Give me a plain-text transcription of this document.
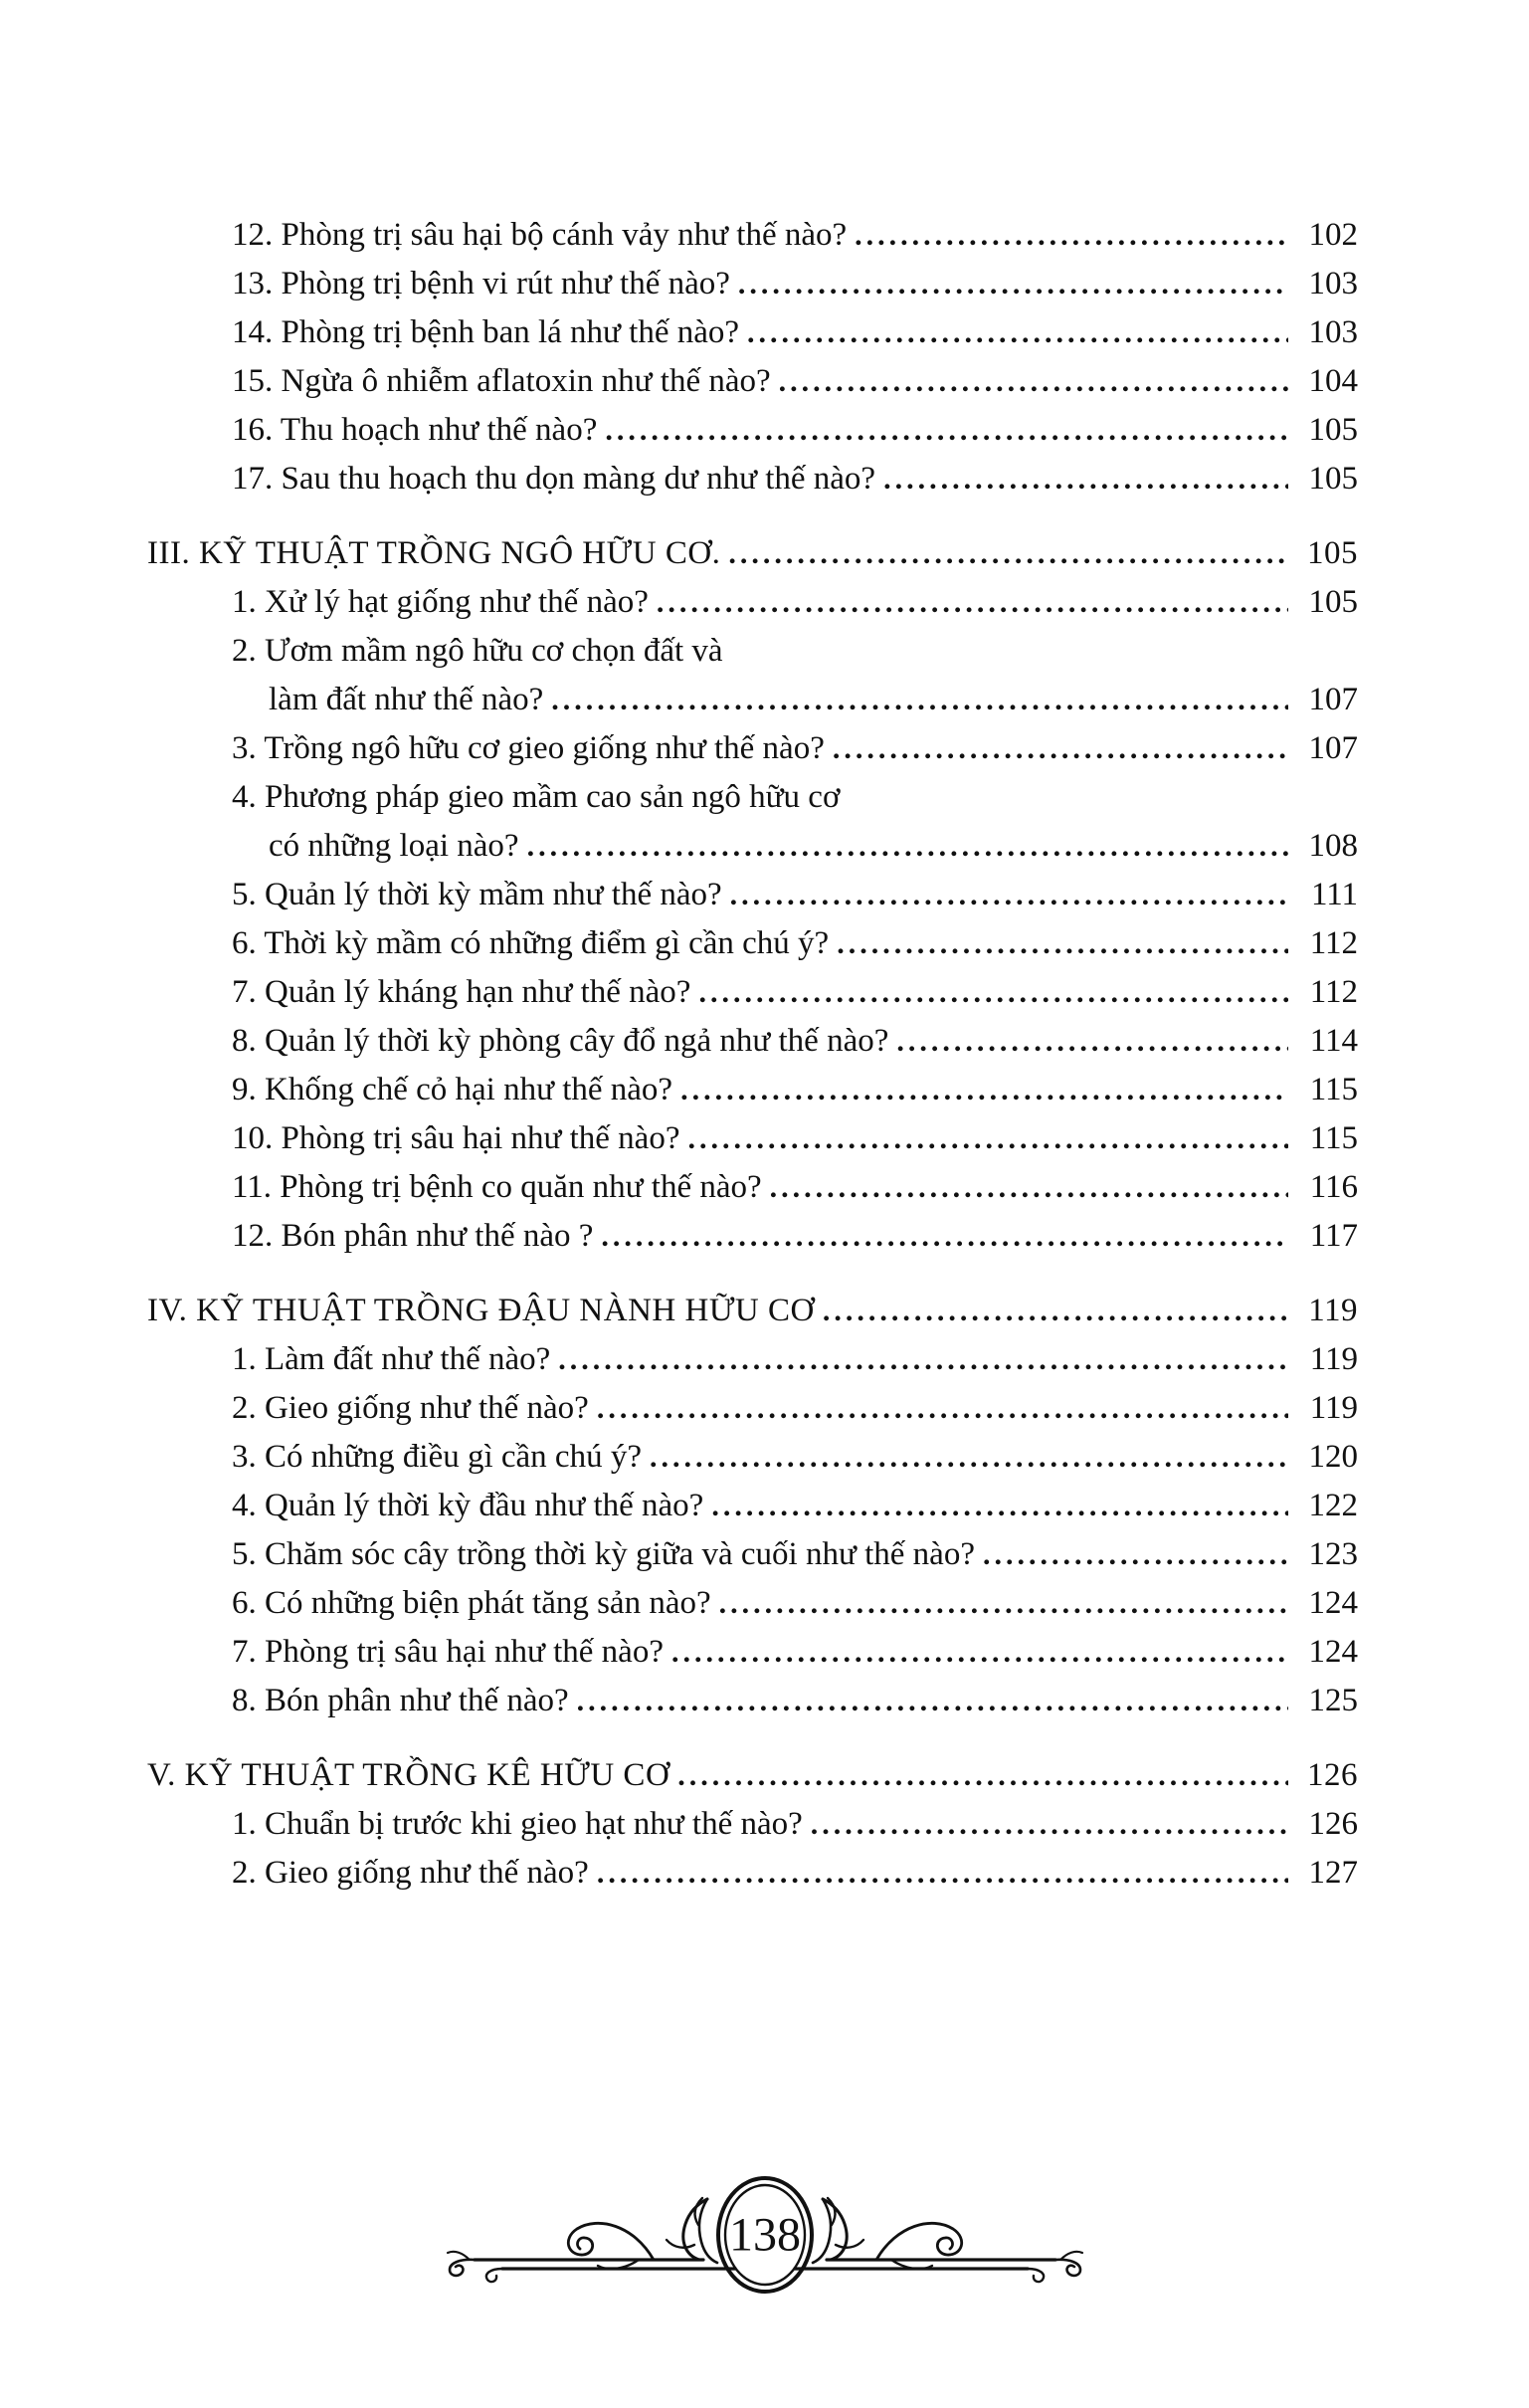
12. Phòng trị sâu hại bộ cánh vảy như thế nào? .....	102
13. Phòng trị bệnh vi rút như thế nào? .....	103
14. Phòng trị bệnh ban lá như thế nào? .....	103
15. Ngừa ô nhiễm aflatoxin như thế nào? .....	104
16. Thu hoạch như thế nào? .....	105
17. Sau thu hoạch thu dọn màng dư như thế nào? .....	105
III. KỸ THUẬT TRỒNG NGÔ HỮU CƠ. .....	105
1. Xử lý hạt giống như thế nào? .....	105
2. Ươm mầm ngô hữu cơ chọn đất và
làm đất như thế nào? .....	107
3. Trồng ngô hữu cơ gieo giống như thế nào? .....	107
4. Phương pháp gieo mầm cao sản ngô hữu cơ
có những loại nào? .....	108
5. Quản lý thời kỳ mầm như thế nào? .....	111
6. Thời kỳ mầm có những điểm gì cần chú ý? .....	112
7. Quản lý kháng hạn như thế nào? .....	112
8. Quản lý thời kỳ phòng cây đổ ngả như thế nào? .....	114
9. Khống chế cỏ hại như thế nào? .....	115
10. Phòng trị sâu hại như thế nào? .....	115
11. Phòng trị bệnh co quăn như thế nào? .....	116
12. Bón phân như thế nào ? .....	117
IV. KỸ THUẬT TRỒNG ĐẬU NÀNH HỮU CƠ .....	119
1. Làm đất như thế nào? .....	119
2. Gieo giống như thế nào? .....	119
3. Có những điều gì cần chú ý? .....	120
4. Quản lý thời kỳ đầu như thế nào? .....	122
5. Chăm sóc cây trồng thời kỳ giữa và cuối như thế nào? .....	123
6. Có những biện phát tăng sản nào? .....	124
7. Phòng trị sâu hại như thế nào? .....	124
8. Bón phân như thế nào? .....	125
V. KỸ THUẬT TRỒNG KÊ HỮU CƠ .....	126
1. Chuẩn bị trước khi gieo hạt như thế nào? .....	126
2. Gieo giống như thế nào? .....	127
138
